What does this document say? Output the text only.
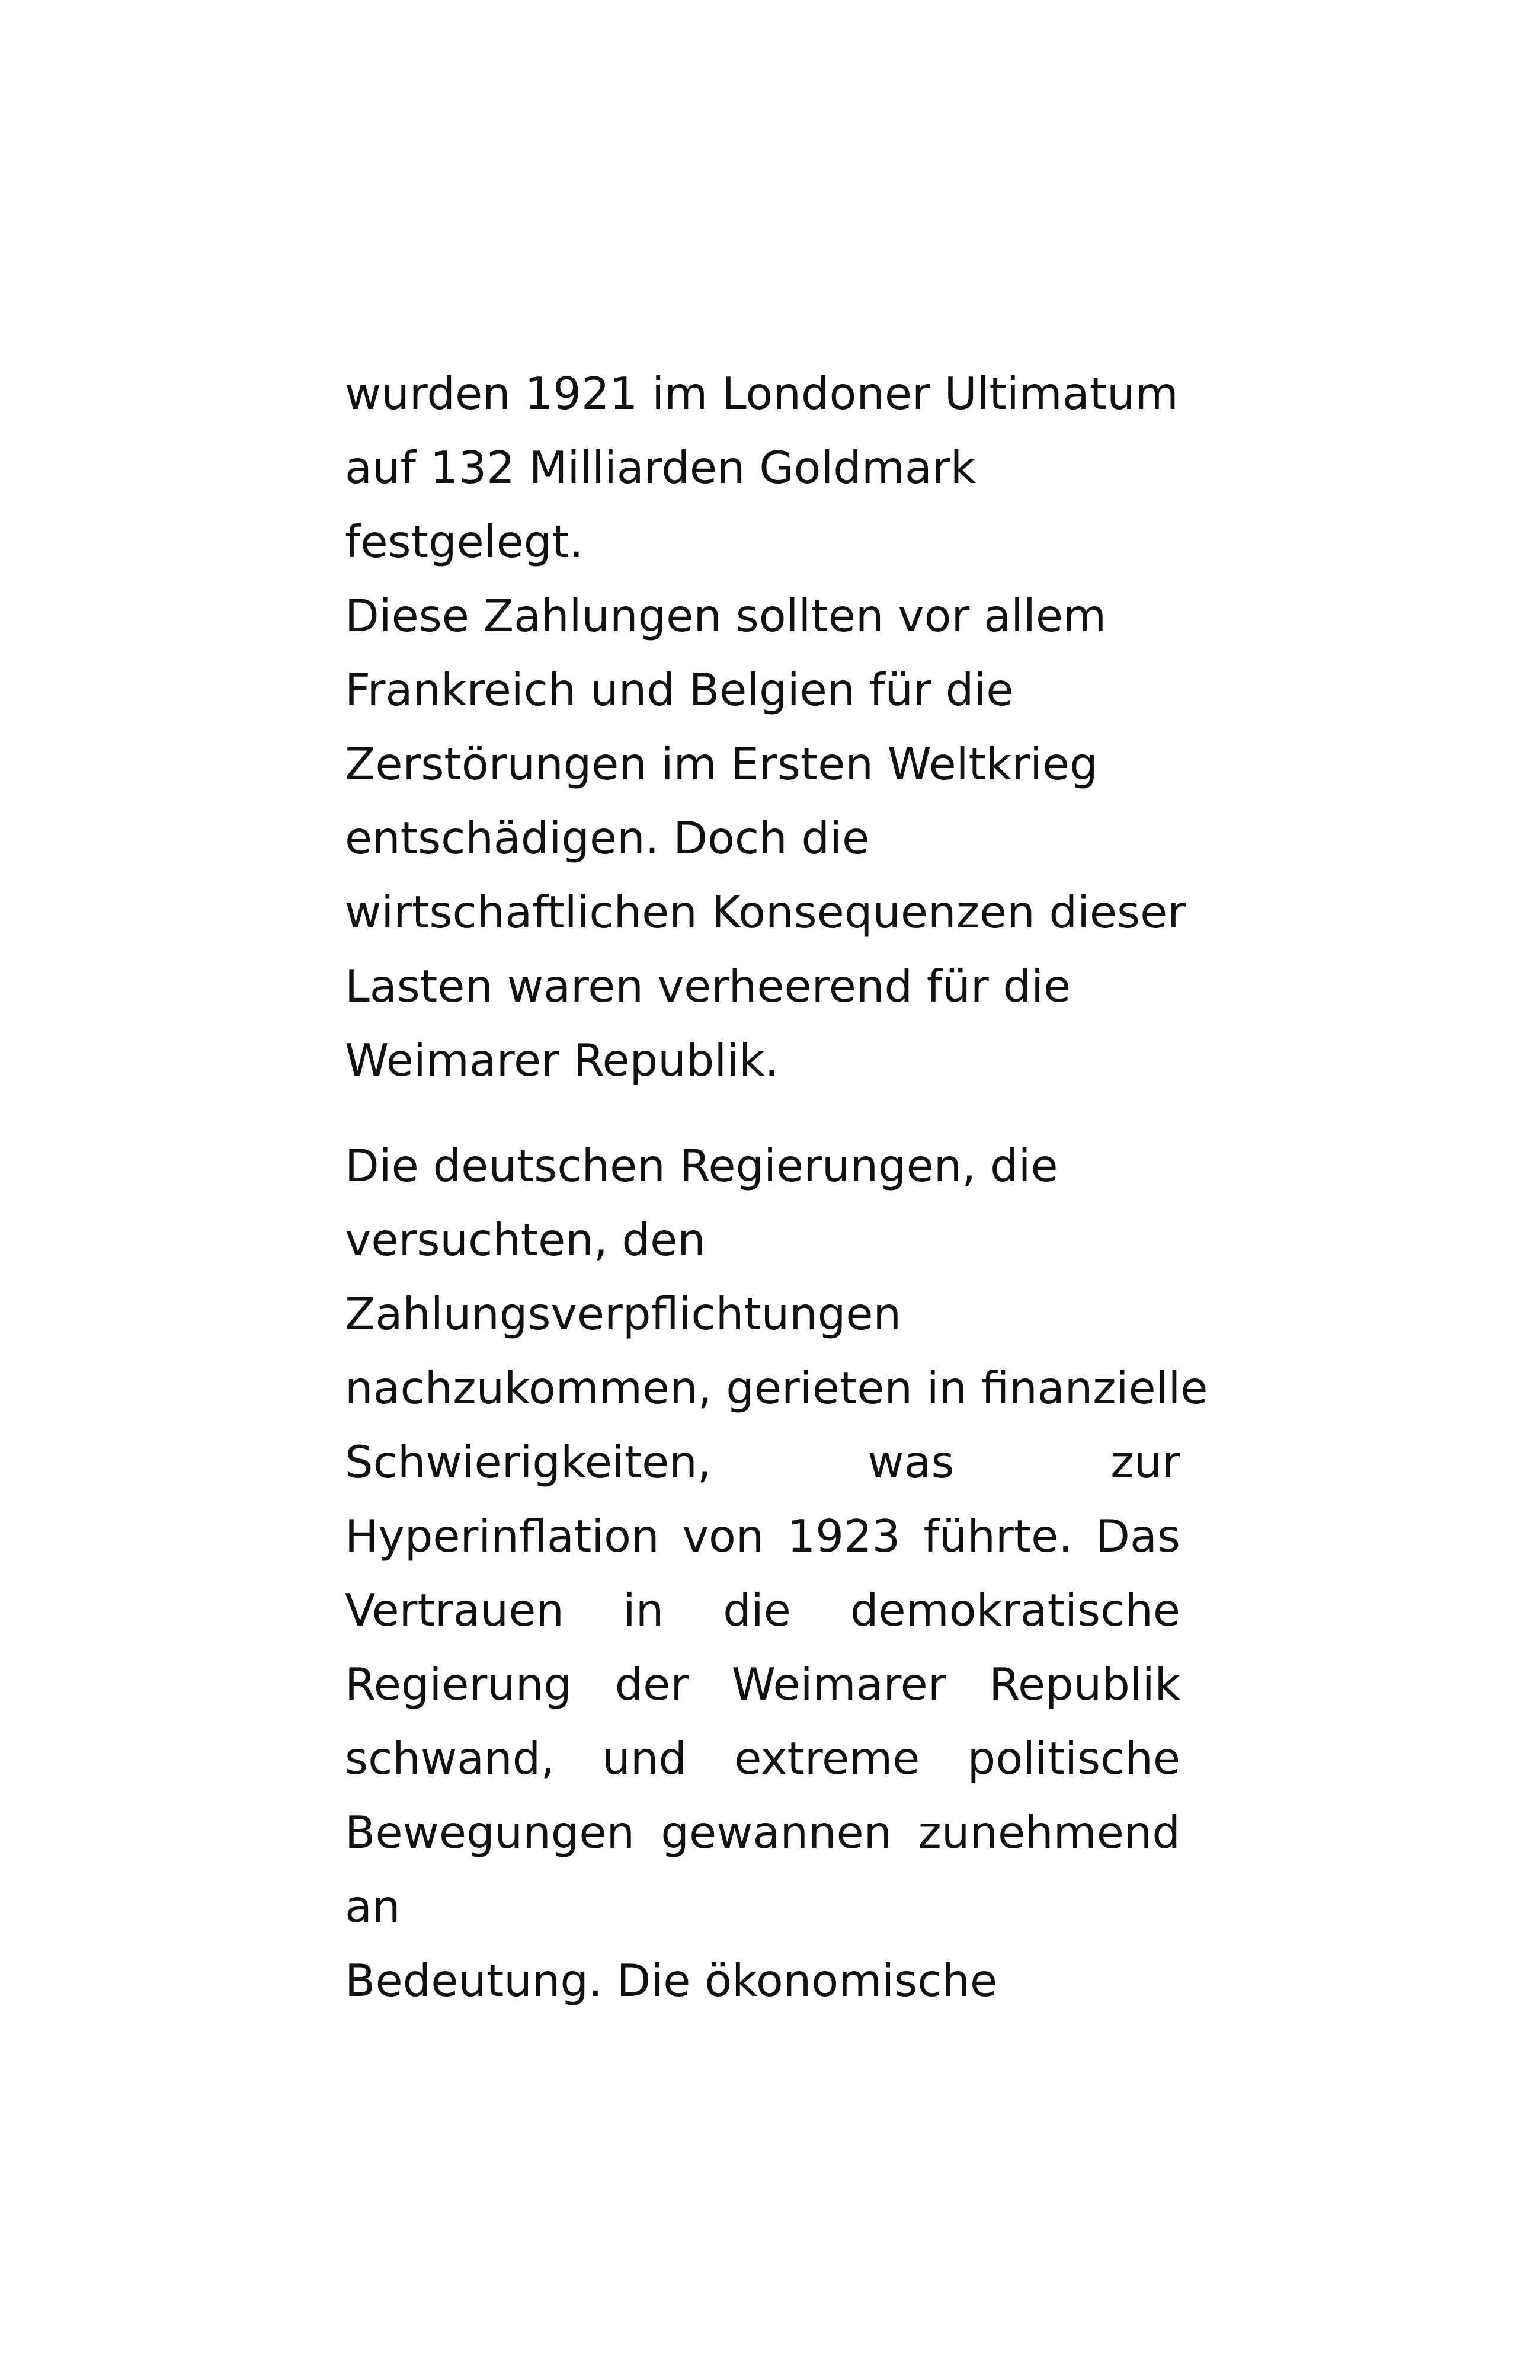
wurden 1921 im Londoner Ultimatum
auf 132 Milliarden Goldmark
festgelegt.
Diese Zahlungen sollten vor allem
Frankreich und Belgien für die
Zerstörungen im Ersten Weltkrieg
entschädigen. Doch die
wirtschaftlichen Konsequenzen dieser
Lasten waren verheerend für die
Weimarer Republik.
Die deutschen Regierungen, die
versuchten, den
Zahlungsverpflichtungen
nachzukommen, gerieten in finanzielle
Schwierigkeiten,	was	zur
Hyperinflation von 1923 führte. Das
Vertrauen in die demokratische
Regierung der Weimarer Republik
schwand, und extreme politische
Bewegungen gewannen zunehmend
an
Bedeutung. Die ökonomische
